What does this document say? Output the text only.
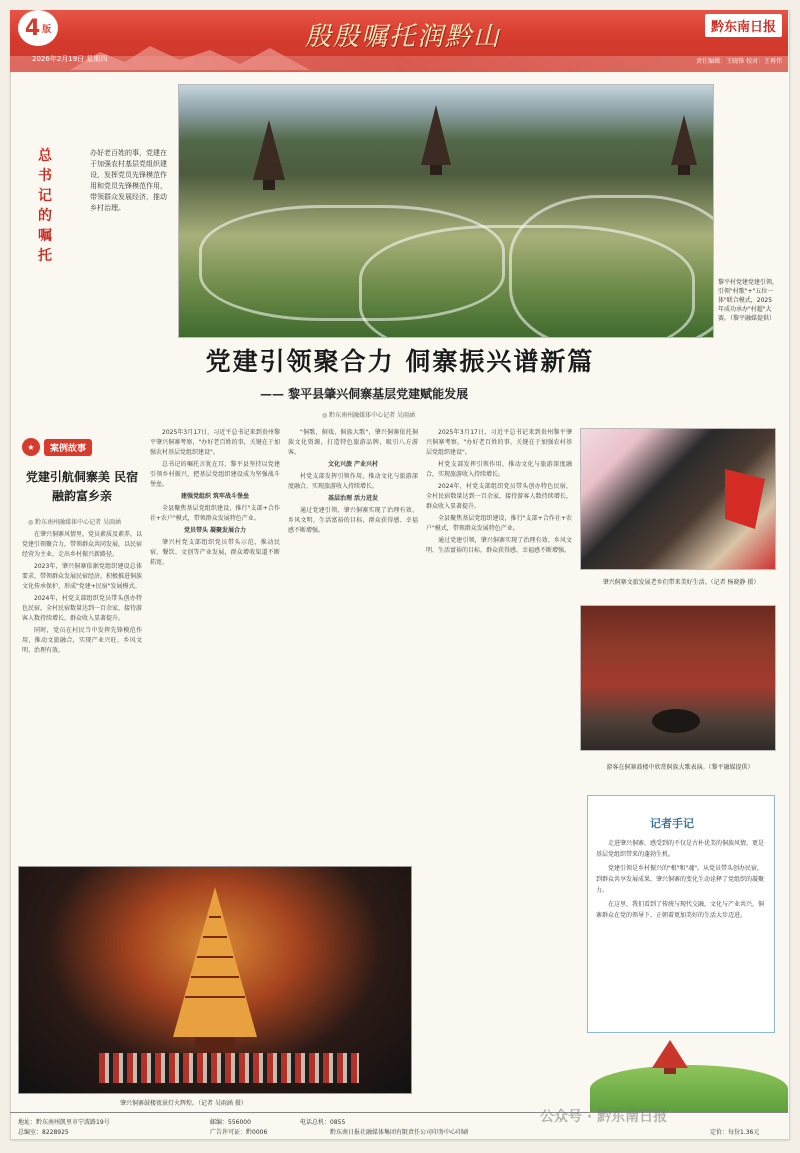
4 版
2026年2月19日 星期四
殷殷嘱托润黔山	黔东南日报
责任编辑：王晓锋 校对：王再伟
总书记的嘱托
办好老百姓的事，党建在于加强农村基层党组织建设，发挥党员先锋模范作用和党员先锋模范作用，带领群众发展经济，推动乡村治理。
黎平村党建党建引领，引领"村歌"+"五位一体"联合模式，2025年成功承办"村超"大赛。（黎平融媒提供）
党建引领聚合力 侗寨振兴谱新篇
—— 黎平县肇兴侗寨基层党建赋能发展
◎ 黔东南州融媒体中心记者 吴雨涵
★	案例故事
党建引航侗寨美 民宿融韵富乡亲
◎ 黔东南州融媒体中心记者 吴雨涵

在肇兴侗寨风情里，党员素质及素养，以党建引领聚合力，带领群众共同发展，以民宿经营为主业，走出乡村振兴新路径。

2023年，肇兴侗寨依据党组织建设总体要求，带领群众发展民宿经济，积极推进侗族文化传承保护，形成"党建+民宿"发展模式。

2024年，村党支部组织党员带头创办特色民宿，全村民宿数量达到一百余家，接待游客人数持续增长，群众收入显著提升。

同时，党员在村民当中发挥先锋模范作用，推动文旅融合，实现产业兴旺、乡风文明、治理有效。

2025年3月17日，习近平总书记来到贵州黎平肇兴侗寨考察，"办好老百姓的事，关键在于加强农村基层党组织建设"。

总书记的嘱托言犹在耳，黎平县坚持以党建引领乡村振兴，把基层党组织建设成为坚强战斗堡垒。

建强党组织 筑牢战斗堡垒

全县聚焦基层党组织建设，推行"支部+合作社+农户"模式，带领群众发展特色产业。

党员带头 凝聚发展合力

肇兴村党支部组织党员带头示范，推动民宿、餐饮、文创等产业发展，群众增收渠道不断拓宽。

"侗歌、侗戏、侗族大歌"，肇兴侗寨依托侗族文化资源，打造特色旅游品牌，吸引八方游客。

文化兴旅 产业兴村

村党支部发挥引领作用，推动文化与旅游深度融合，实现旅游收入持续增长。

基层治理 活力迸发

通过党建引领，肇兴侗寨实现了治理有效、乡风文明、生活富裕的目标，群众获得感、幸福感不断增强。

2025年3月17日，习近平总书记来到贵州黎平肇兴侗寨考察，"办好老百姓的事，关键在于加强农村基层党组织建设"。

村党支部发挥引领作用，推动文化与旅游深度融合，实现旅游收入持续增长。

2024年，村党支部组织党员带头创办特色民宿，全村民宿数量达到一百余家，接待游客人数持续增长，群众收入显著提升。

全县聚焦基层党组织建设，推行"支部+合作社+农户"模式，带领群众发展特色产业。

通过党建引领，肇兴侗寨实现了治理有效、乡风文明、生活富裕的目标，群众获得感、幸福感不断增强。

肇兴侗寨文旅发展老乡们带来美好生活。（记者 杨晓静 摄）
游客在侗寨鼓楼中欣赏侗族大歌表演。（黎平融媒提供）
记者手记

走进肇兴侗寨，感受到的不仅是古朴优美的侗族风情，更是基层党组织带来的蓬勃生机。

党建引领是乡村振兴的"根"和"魂"。从党员带头创办民宿，到群众共享发展成果，肇兴侗寨的变化生动诠释了党组织的凝聚力。

在这里，我们看到了传统与现代交融，文化与产业共兴，侗寨群众在党的领导下，正朝着更加美好的生活大步迈进。

肇兴侗寨鼓楼夜景灯火辉煌。（记者 吴雨涵 摄）
地址：黔东南州凯里市宁波路19号	邮编：556000	电话总机：0855
总编室：8228925	广告许可证：黔0006	黔东南日报社融媒体集团有限责任公司印务中心印刷	定价：每份1.36元
公众号 · 黔东南日报
